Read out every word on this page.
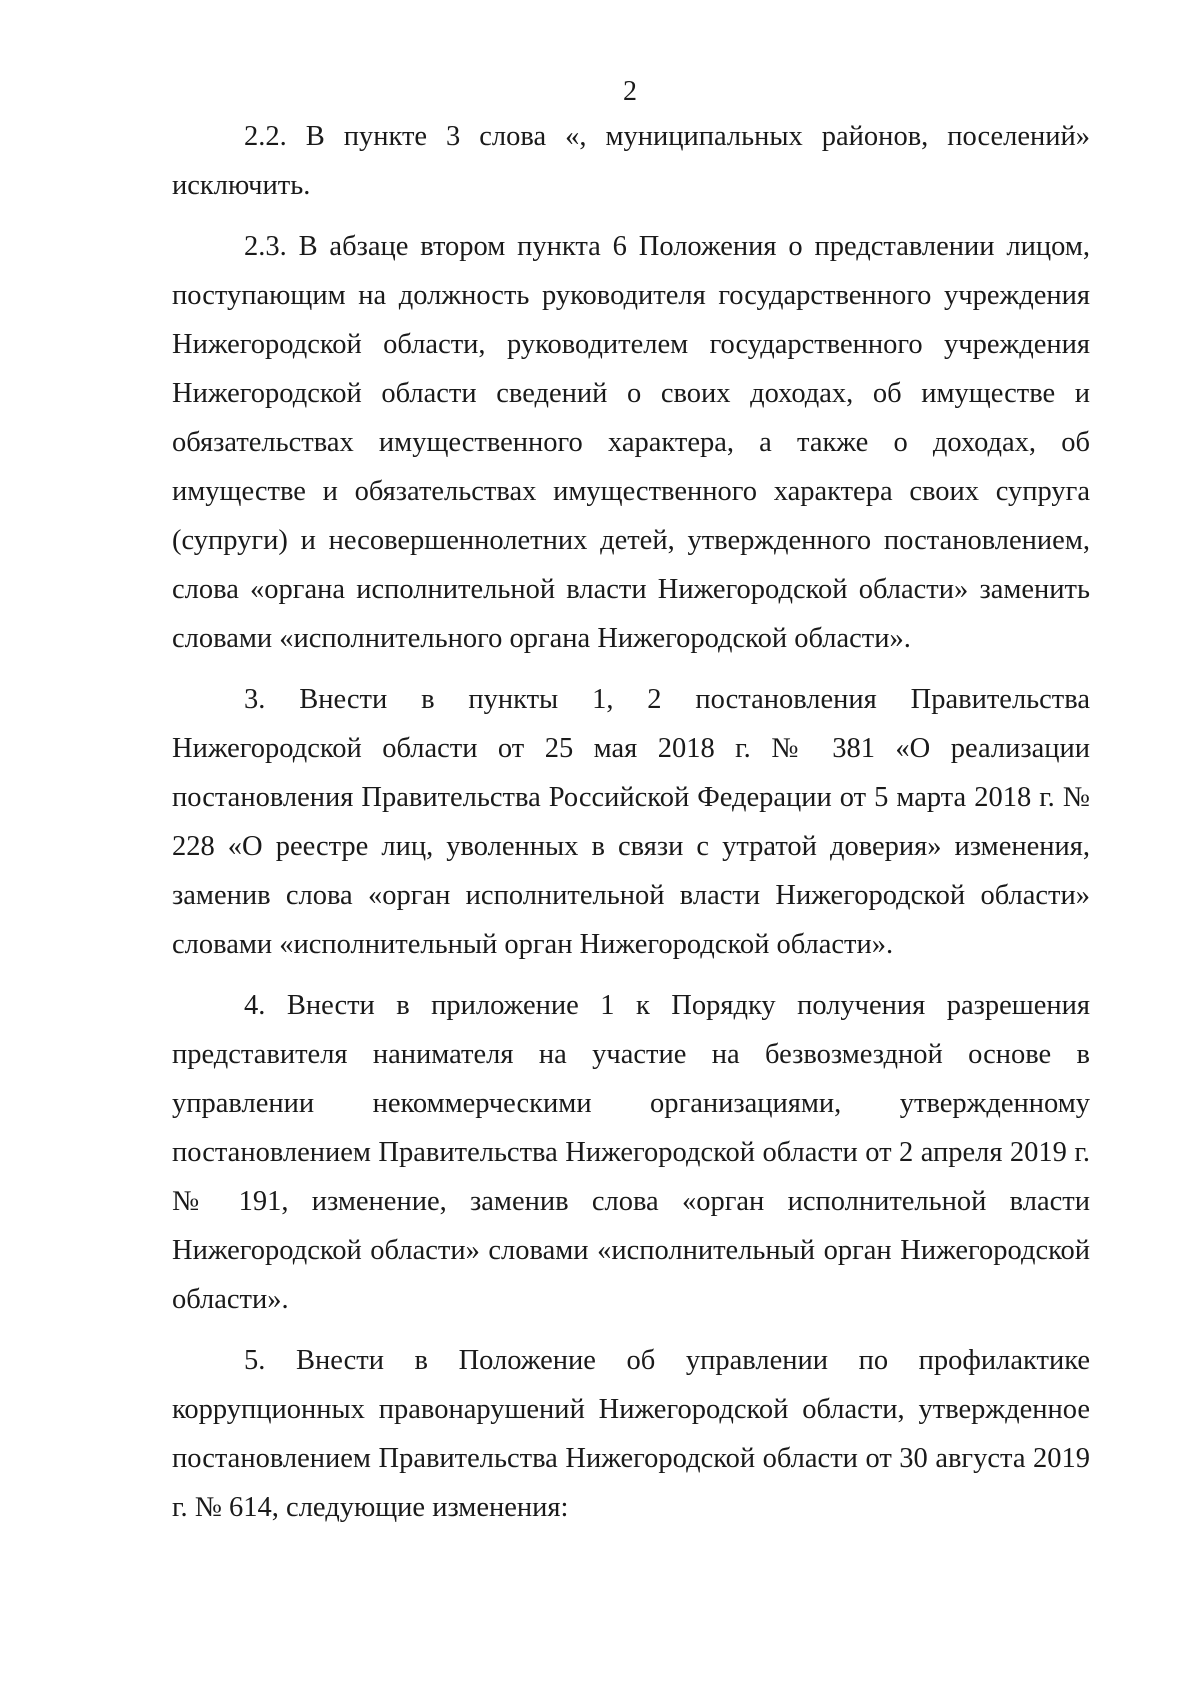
2

2.2. В пункте 3 слова «, муниципальных районов, поселений» исключить.

2.3. В абзаце втором пункта 6 Положения о представлении лицом, поступающим на должность руководителя государственного учреждения Нижегородской области, руководителем государственного учреждения Нижегородской области сведений о своих доходах, об имуществе и обязательствах имущественного характера, а также о доходах, об имуществе и обязательствах имущественного характера своих супруга (супруги) и несовершеннолетних детей, утвержденного постановлением, слова «органа исполнительной власти Нижегородской области» заменить словами «исполнительного органа Нижегородской области».

3. Внести в пункты 1, 2 постановления Правительства Нижегородской области от 25 мая 2018 г. № 381 «О реализации постановления Правительства Российской Федерации от 5 марта 2018 г. № 228 «О реестре лиц, уволенных в связи с утратой доверия» изменения, заменив слова «орган исполнительной власти Нижегородской области» словами «исполнительный орган Нижегородской области».

4. Внести в приложение 1 к Порядку получения разрешения представителя нанимателя на участие на безвозмездной основе в управлении некоммерческими организациями, утвержденному постановлением Правительства Нижегородской области от 2 апреля 2019 г. № 191, изменение, заменив слова «орган исполнительной власти Нижегородской области» словами «исполнительный орган Нижегородской области».

5. Внести в Положение об управлении по профилактике коррупционных правонарушений Нижегородской области, утвержденное постановлением Правительства Нижегородской области от 30 августа 2019 г. № 614, следующие изменения:
